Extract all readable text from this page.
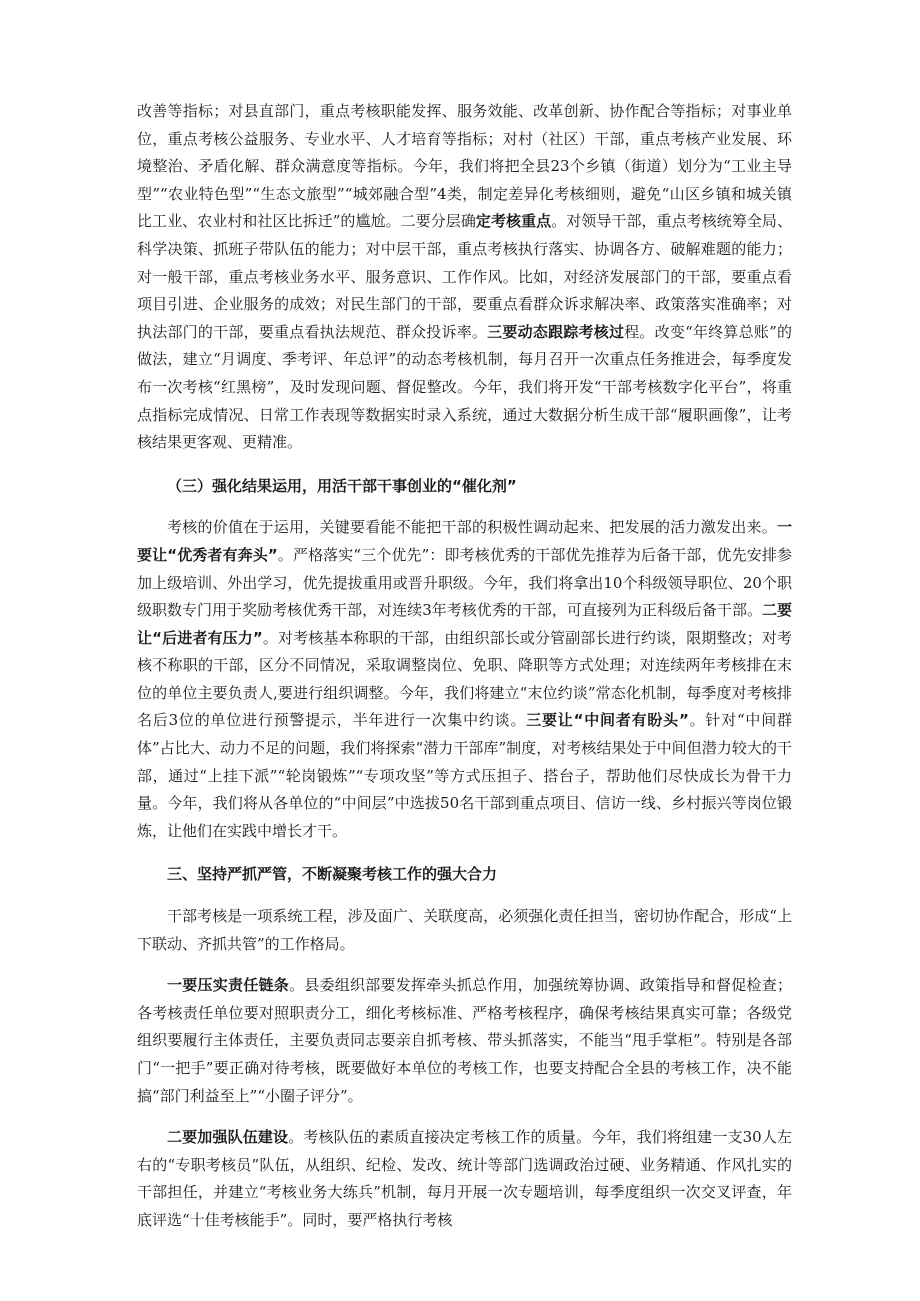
改善等指标；对县直部门，重点考核职能发挥、服务效能、改革创新、协作配合等指标；对事业单位，重点考核公益服务、专业水平、人才培育等指标；对村（社区）干部，重点考核产业发展、环境整治、矛盾化解、群众满意度等指标。今年，我们将把全县23个乡镇（街道）划分为“工业主导型”“农业特色型”“生态文旅型”“城郊融合型”4类，制定差异化考核细则，避免“山区乡镇和城关镇比工业、农业村和社区比拆迁”的尴尬。二要分层确定考核重点。对领导干部，重点考核统筹全局、科学决策、抓班子带队伍的能力；对中层干部，重点考核执行落实、协调各方、破解难题的能力；对一般干部，重点考核业务水平、服务意识、工作作风。比如，对经济发展部门的干部，要重点看项目引进、企业服务的成效；对民生部门的干部，要重点看群众诉求解决率、政策落实准确率；对执法部门的干部，要重点看执法规范、群众投诉率。三要动态跟踪考核过程。改变“年终算总账”的做法，建立“月调度、季考评、年总评”的动态考核机制，每月召开一次重点任务推进会，每季度发布一次考核“红黑榜”，及时发现问题、督促整改。今年，我们将开发“干部考核数字化平台”，将重点指标完成情况、日常工作表现等数据实时录入系统，通过大数据分析生成干部“履职画像”，让考核结果更客观、更精准。

（三）强化结果运用，用活干部干事创业的“催化剂”

考核的价值在于运用，关键要看能不能把干部的积极性调动起来、把发展的活力激发出来。一要让“优秀者有奔头”。严格落实“三个优先”：即考核优秀的干部优先推荐为后备干部，优先安排参加上级培训、外出学习，优先提拔重用或晋升职级。今年，我们将拿出10个科级领导职位、20个职级职数专门用于奖励考核优秀干部，对连续3年考核优秀的干部，可直接列为正科级后备干部。二要让“后进者有压力”。对考核基本称职的干部，由组织部长或分管副部长进行约谈，限期整改；对考核不称职的干部，区分不同情况，采取调整岗位、免职、降职等方式处理；对连续两年考核排在末位的单位主要负责人,要进行组织调整。今年，我们将建立“末位约谈”常态化机制，每季度对考核排名后3位的单位进行预警提示，半年进行一次集中约谈。三要让“中间者有盼头”。针对“中间群体”占比大、动力不足的问题，我们将探索“潜力干部库”制度，对考核结果处于中间但潜力较大的干部，通过“上挂下派”“轮岗锻炼”“专项攻坚”等方式压担子、搭台子，帮助他们尽快成长为骨干力量。今年，我们将从各单位的“中间层”中选拔50名干部到重点项目、信访一线、乡村振兴等岗位锻炼，让他们在实践中增长才干。

三、坚持严抓严管，不断凝聚考核工作的强大合力

干部考核是一项系统工程，涉及面广、关联度高，必须强化责任担当，密切协作配合，形成“上下联动、齐抓共管”的工作格局。

一要压实责任链条。县委组织部要发挥牵头抓总作用，加强统筹协调、政策指导和督促检查；各考核责任单位要对照职责分工，细化考核标准、严格考核程序，确保考核结果真实可靠；各级党组织要履行主体责任，主要负责同志要亲自抓考核、带头抓落实，不能当“甩手掌柜”。特别是各部门“一把手”要正确对待考核，既要做好本单位的考核工作，也要支持配合全县的考核工作，决不能搞“部门利益至上”“小圈子评分”。

二要加强队伍建设。考核队伍的素质直接决定考核工作的质量。今年，我们将组建一支30人左右的“专职考核员”队伍，从组织、纪检、发改、统计等部门选调政治过硬、业务精通、作风扎实的干部担任，并建立“考核业务大练兵”机制，每月开展一次专题培训，每季度组织一次交叉评查，年底评选“十佳考核能手”。同时，要严格执行考核
